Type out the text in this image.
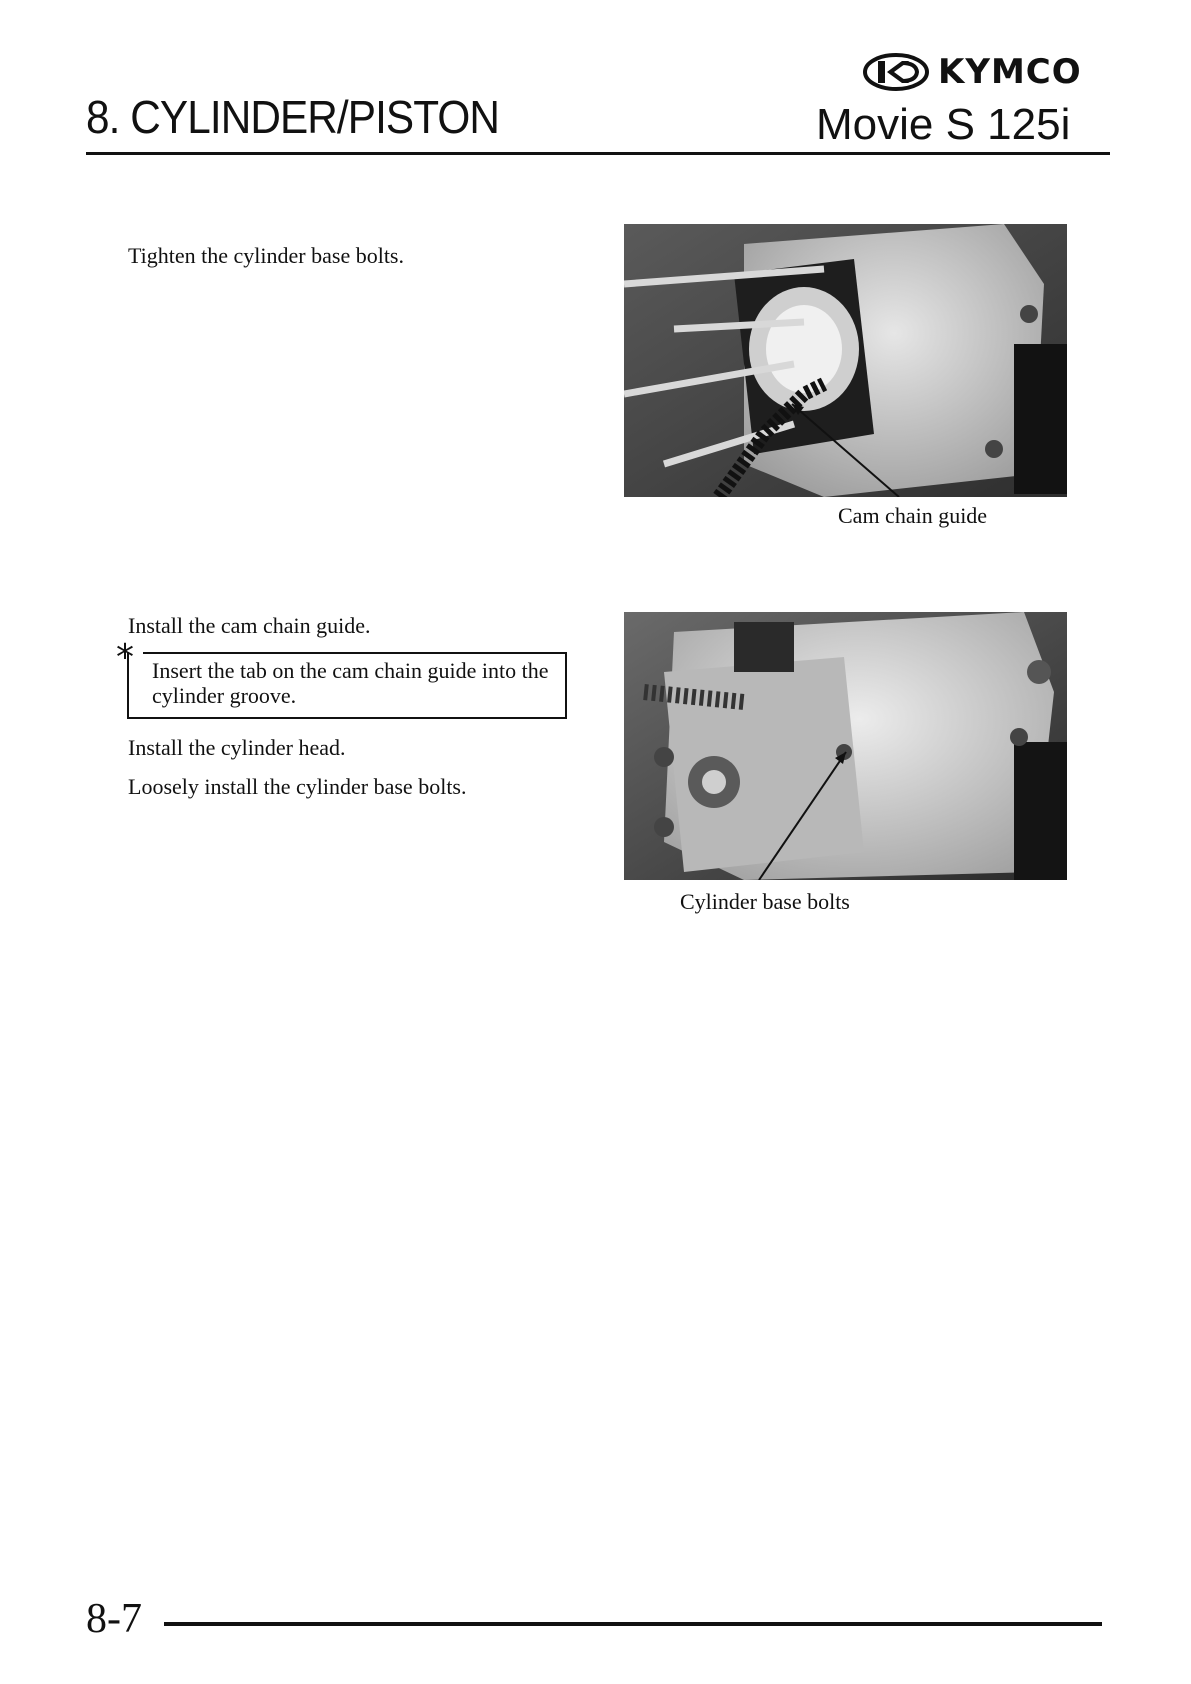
8. CYLINDER/PISTON
KYMCO
Movie S 125i
Tighten the cylinder base bolts.
Cam chain guide
Install the cam chain guide.
* Insert the tab on the cam chain guide into the cylinder groove.
Install the cylinder head.
Loosely install the cylinder base bolts.
Cylinder base bolts
8-7
